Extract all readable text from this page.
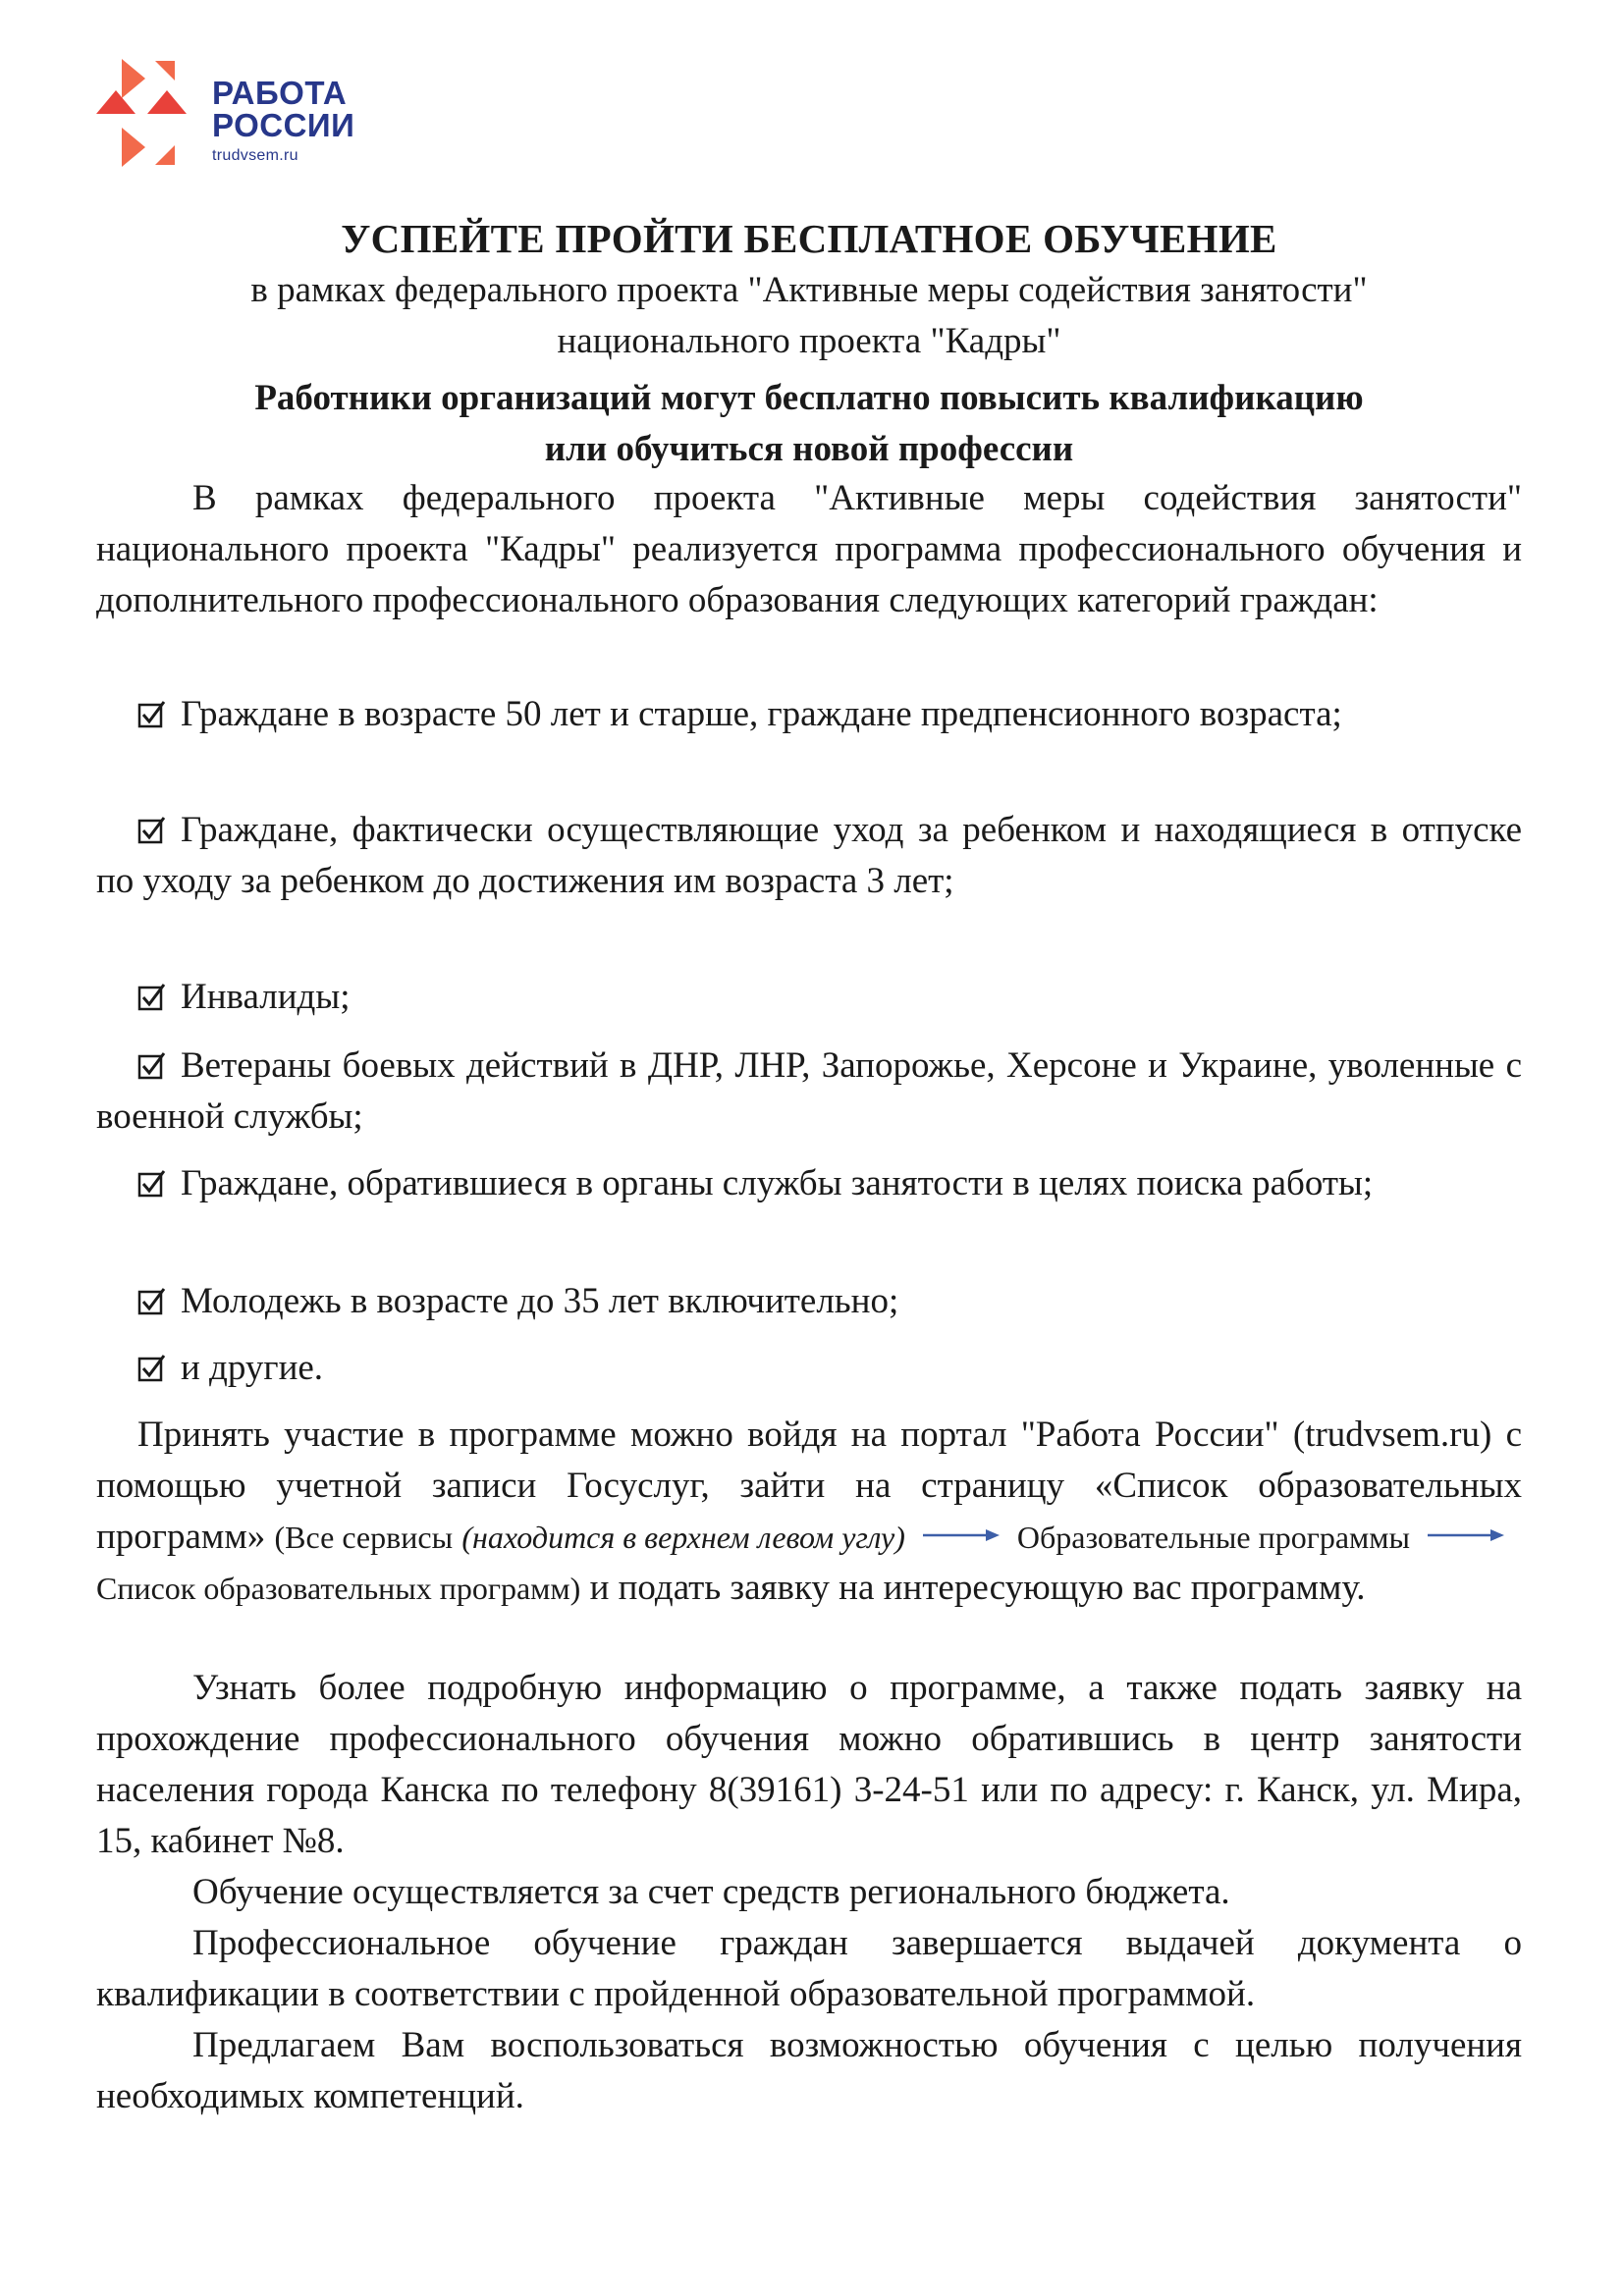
РАБОТА
РОССИИ
trudvsem.ru
УСПЕЙТЕ ПРОЙТИ БЕСПЛАТНОЕ ОБУЧЕНИЕ
в рамках федерального проекта "Активные меры содействия занятости"
национального проекта "Кадры"
Работники организаций могут бесплатно повысить квалификацию
или обучиться новой профессии

В рамках федерального проекта "Активные меры содействия занятости" национального проекта "Кадры" реализуется программа профессионального обучения и дополнительного профессионального образования следующих категорий граждан:

Граждане в возрасте 50 лет и старше, граждане предпенсионного возраста;

Граждане, фактически осуществляющие уход за ребенком и находящиеся в отпуске по уходу за ребенком до достижения им возраста 3 лет;

Инвалиды;

Ветераны боевых действий в ДНР, ЛНР, Запорожье, Херсоне и Украине, уволенные с военной службы;

Граждане, обратившиеся в органы службы занятости в целях поиска работы;

Молодежь в возрасте до 35 лет включительно;

и другие.

Принять участие в программе можно войдя на портал "Работа России" (trudvsem.ru) с помощью учетной записи Госуслуг, зайти на страницу «Список образовательных программ» (Все сервисы (находится в верхнем левом углу)	Образовательные программы
Список образовательных программ) и подать заявку на интересующую вас программу.

Узнать более подробную информацию о программе, а также подать заявку на прохождение профессионального обучения можно обратившись в центр занятости населения города Канска по телефону 8(39161) 3-24-51 или по адресу: г. Канск, ул. Мира, 15, кабинет №8.

Обучение осуществляется за счет средств регионального бюджета.

Профессиональное обучение граждан завершается выдачей документа о квалификации в соответствии с пройденной образовательной программой.

Предлагаем Вам воспользоваться возможностью обучения с целью получения необходимых компетенций.
